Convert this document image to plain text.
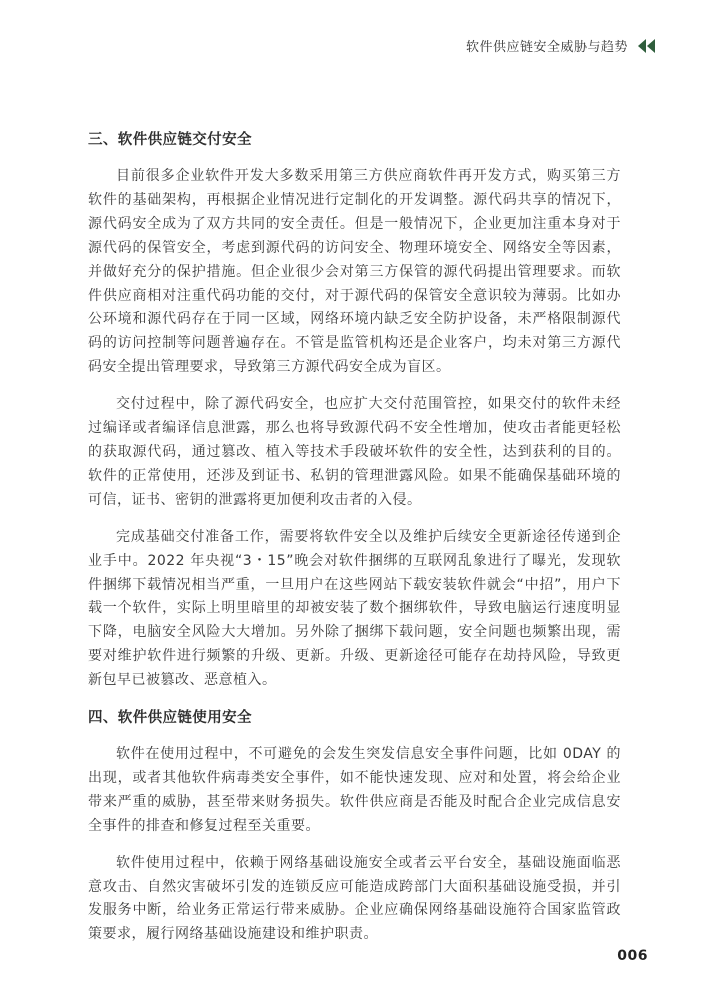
软件供应链安全威胁与趋势
三、软件供应链交付安全

目前很多企业软件开发大多数采用第三方供应商软件再开发方式，购买第三方软件的基础架构，再根据企业情况进行定制化的开发调整。源代码共享的情况下，源代码安全成为了双方共同的安全责任。但是一般情况下，企业更加注重本身对于源代码的保管安全，考虑到源代码的访问安全、物理环境安全、网络安全等因素，并做好充分的保护措施。但企业很少会对第三方保管的源代码提出管理要求。而软件供应商相对注重代码功能的交付，对于源代码的保管安全意识较为薄弱。比如办公环境和源代码存在于同一区域，网络环境内缺乏安全防护设备，未严格限制源代码的访问控制等问题普遍存在。不管是监管机构还是企业客户，均未对第三方源代码安全提出管理要求，导致第三方源代码安全成为盲区。

交付过程中，除了源代码安全，也应扩大交付范围管控，如果交付的软件未经过编译或者编译信息泄露，那么也将导致源代码不安全性增加，使攻击者能更轻松的获取源代码，通过篡改、植入等技术手段破坏软件的安全性，达到获利的目的。软件的正常使用，还涉及到证书、私钥的管理泄露风险。如果不能确保基础环境的可信，证书、密钥的泄露将更加便利攻击者的入侵。

完成基础交付准备工作，需要将软件安全以及维护后续安全更新途径传递到企业手中。2022 年央视“3・15”晚会对软件捆绑的互联网乱象进行了曝光，发现软件捆绑下载情况相当严重，一旦用户在这些网站下载安装软件就会“中招”，用户下载一个软件，实际上明里暗里的却被安装了数个捆绑软件，导致电脑运行速度明显下降，电脑安全风险大大增加。另外除了捆绑下载问题，安全问题也频繁出现，需要对维护软件进行频繁的升级、更新。升级、更新途径可能存在劫持风险，导致更新包早已被篡改、恶意植入。

四、软件供应链使用安全

软件在使用过程中，不可避免的会发生突发信息安全事件问题，比如 0DAY 的出现，或者其他软件病毒类安全事件，如不能快速发现、应对和处置，将会给企业带来严重的威胁，甚至带来财务损失。软件供应商是否能及时配合企业完成信息安全事件的排查和修复过程至关重要。

软件使用过程中，依赖于网络基础设施安全或者云平台安全，基础设施面临恶意攻击、自然灾害破坏引发的连锁反应可能造成跨部门大面积基础设施受损，并引发服务中断，给业务正常运行带来威胁。企业应确保网络基础设施符合国家监管政策要求，履行网络基础设施建设和维护职责。

006
